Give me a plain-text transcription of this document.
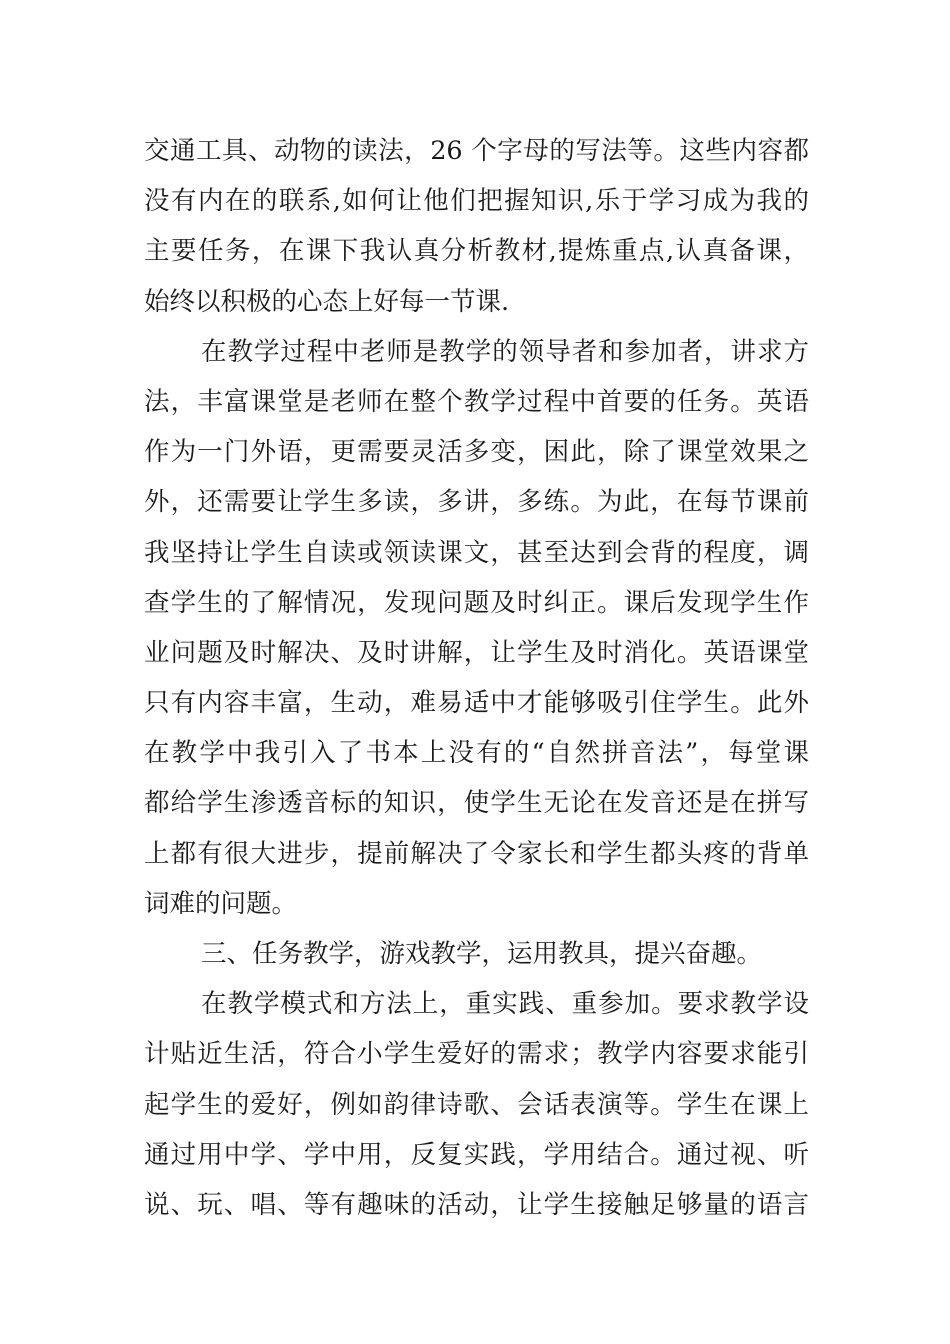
交通工具、动物的读法，26 个字母的写法等。这些内容都
没有内在的联系,如何让他们把握知识,乐于学习成为我的
主要任务，在课下我认真分析教材,提炼重点,认真备课，
始终以积极的心态上好每一节课.
在教学过程中老师是教学的领导者和参加者，讲求方
法，丰富课堂是老师在整个教学过程中首要的任务。英语
作为一门外语，更需要灵活多变，困此，除了课堂效果之
外，还需要让学生多读，多讲，多练。为此，在每节课前
我坚持让学生自读或领读课文，甚至达到会背的程度，调
查学生的了解情况，发现问题及时纠正。课后发现学生作
业问题及时解决、及时讲解，让学生及时消化。英语课堂
只有内容丰富，生动，难易适中才能够吸引住学生。此外
在教学中我引入了书本上没有的“自然拼音法”，每堂课
都给学生渗透音标的知识，使学生无论在发音还是在拼写
上都有很大进步，提前解决了令家长和学生都头疼的背单
词难的问题。
三、任务教学，游戏教学，运用教具，提兴奋趣。
在教学模式和方法上，重实践、重参加。要求教学设
计贴近生活，符合小学生爱好的需求；教学内容要求能引
起学生的爱好，例如韵律诗歌、会话表演等。学生在课上
通过用中学、学中用，反复实践，学用结合。通过视、听
说、玩、唱、等有趣味的活动，让学生接触足够量的语言
